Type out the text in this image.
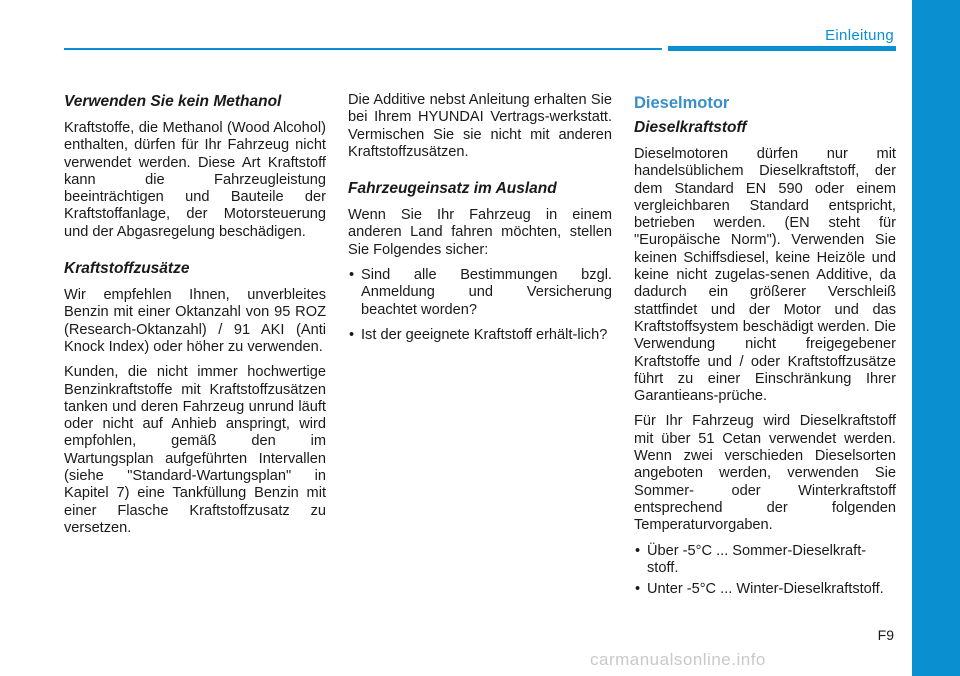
Einleitung
Verwenden Sie kein Methanol

Kraftstoffe, die Methanol (Wood Alcohol) enthalten, dürfen für Ihr Fahrzeug nicht verwendet werden. Diese Art Kraftstoff kann die Fahrzeugleistung beeinträchtigen und Bauteile der Kraftstoffanlage, der Motorsteuerung und der Abgasregelung beschädigen.

Kraftstoffzusätze

Wir empfehlen Ihnen, unverbleites Benzin mit einer Oktanzahl von 95 ROZ (Research-Oktanzahl) / 91 AKI (Anti Knock Index) oder höher zu verwenden.

Kunden, die nicht immer hochwertige Benzinkraftstoffe mit Kraftstoffzusätzen tanken und deren Fahrzeug unrund läuft oder nicht auf Anhieb anspringt, wird empfohlen, gemäß den im Wartungsplan aufgeführten Intervallen (siehe "Standard-Wartungsplan" in Kapitel 7) eine Tankfüllung Benzin mit einer Flasche Kraftstoffzusatz zu versetzen.

Die Additive nebst Anleitung erhalten Sie bei Ihrem HYUNDAI Vertrags-werkstatt. Vermischen Sie sie nicht mit anderen Kraftstoffzusätzen.

Fahrzeugeinsatz im Ausland

Wenn Sie Ihr Fahrzeug in einem anderen Land fahren möchten, stellen Sie Folgendes sicher:

• Sind alle Bestimmungen bzgl. Anmeldung und Versicherung beachtet worden?
• Ist der geeignete Kraftstoff erhält-lich?
Dieselmotor
Dieselkraftstoff

Dieselmotoren dürfen nur mit handelsüblichem Dieselkraftstoff, der dem Standard EN 590 oder einem vergleichbaren Standard entspricht, betrieben werden. (EN steht für "Europäische Norm"). Verwenden Sie keinen Schiffsdiesel, keine Heizöle und keine nicht zugelas-senen Additive, da dadurch ein größerer Verschleiß stattfindet und der Motor und das Kraftstoffsystem beschädigt werden. Die Verwendung nicht freigegebener Kraftstoffe und / oder Kraftstoffzusätze führt zu einer Einschränkung Ihrer Garantieans-prüche.

Für Ihr Fahrzeug wird Dieselkraftstoff mit über 51 Cetan verwendet werden. Wenn zwei verschieden Dieselsorten angeboten werden, verwenden Sie Sommer- oder Winterkraftstoff entsprechend der folgenden Temperaturvorgaben.

• Über -5°C ... Sommer-Dieselkraft-stoff.
• Unter -5°C ... Winter-Dieselkraftstoff.
F9
carmanualsonline.info
